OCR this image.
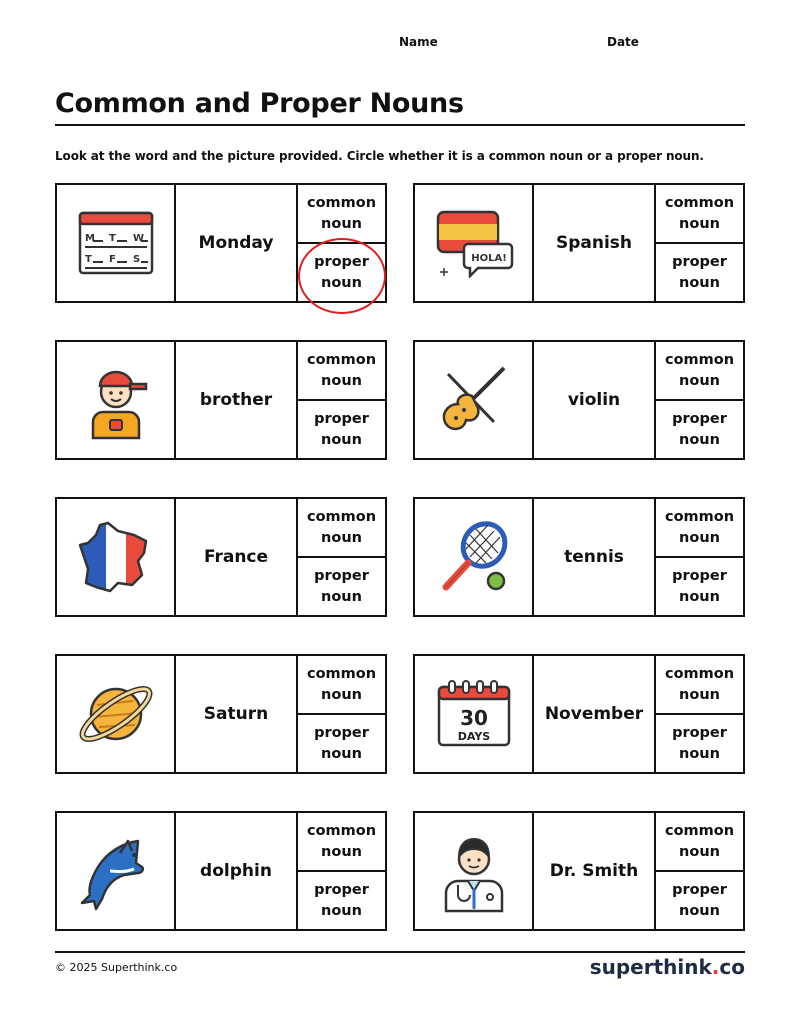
Name	Date
Common and Proper Nouns
Look at the word and the picture provided. Circle whether it is a common noun or a proper noun.
M T W
T F S
Monday
common
noun
proper
noun
HOLA!
Spanish
common
noun
proper
noun
brother
common
noun
proper
noun
violin
common
noun
proper
noun
France
common
noun
proper
noun
tennis
common
noun
proper
noun
Saturn
common
noun
proper
noun
30
DAYS
November
common
noun
proper
noun
dolphin
common
noun
proper
noun
Dr. Smith
common
noun
proper
noun
© 2025 Superthink.co	superthink.co
